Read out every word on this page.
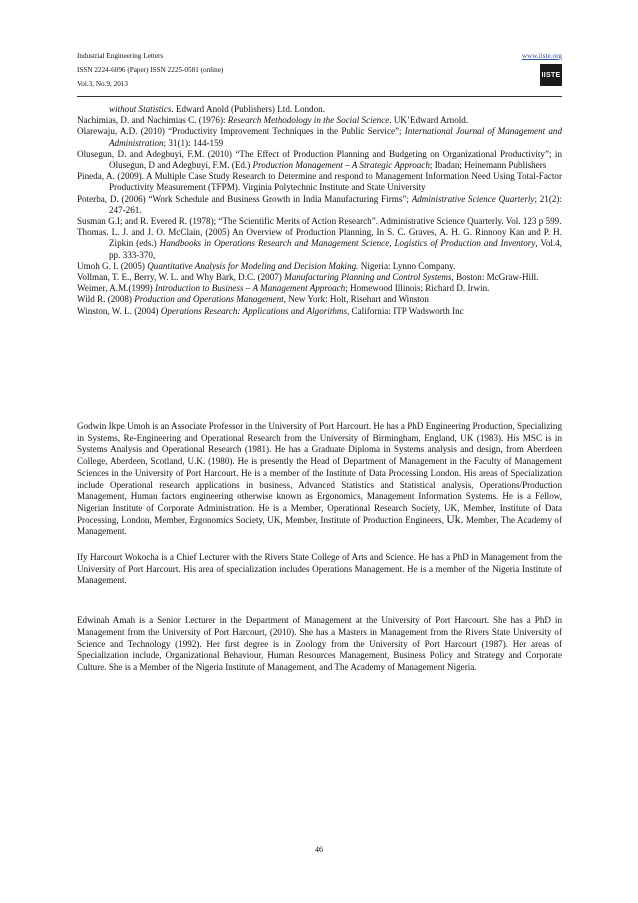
Industrial Engineering Letters
ISSN 2224-6096 (Paper) ISSN 2225-0581 (online)
Vol.3, No.9, 2013
www.iiste.org
IISTE

without Statistics. Edward Anold (Publishers) Ltd. London.

Nachimias, D. and Nachimias C. (1976): Research Methodology in the Social Science. UK’Edward Arnold.

Olarewaju, A.D. (2010) “Productivity Improvement Techniques in the Public Service”; International Journal of Management and Administration; 31(1): 144-159

Olusegun, D. and Adegbuyi, F.M. (2010) “The Effect of Production Planning and Budgeting on Organizational Productivity”; in Olusegun, D and Adegbuyi, F.M. (Ed.) Production Management – A Strategic Approach; Ibadan; Heinemann Publishers

Pineda, A. (2009). A Multiple Case Study Research to Determine and respond to Management Information Need Using Total-Factor Productivity Measurement (TFPM). Virginia Polytechnic Institute and State University

Poterba, D. (2006) “Work Schedule and Business Growth in India Manufacturing Firms”; Administrative Science Quarterly; 21(2): 247-261.

Susman G.I; and R. Evered R. (1978); “The Scientific Merits of Action Research”. Administrative Science Quarterly. Vol. 123 p 599.

Thomas. L. J. and J. O. McClain, (2005) An Overview of Production Planning, In S. C. Graves, A. H. G. Rinnooy Kan and P. H. Zipkin (eds.) Handbooks in Operations Research and Management Science, Logistics of Production and Inventory, Vol.4, pp. 333-370,

Umoh G. I. (2005) Quantitative Analysis for Modeling and Decision Making. Nigeria: Lynno Company.

Vollman, T. E., Berry, W. L. and Why Bark, D.C. (2007) Manufacturing Planning and Control Systems, Boston: McGraw-Hill.

Weimer, A.M.(1999) Introduction to Business – A Management Approach; Homewood Illinois; Richard D. Irwin.

Wild R. (2008) Production and Operations Management, New York: Holt, Risehart and Winston

Winston, W. L. (2004) Operations Research: Applications and Algorithms, California: ITP Wadsworth Inc

Godwin Ikpe Umoh is an Associate Professor in the University of Port Harcourt. He has a PhD Engineering Production, Specializing in Systems, Re-Engineering and Operational Research from the University of Birmingham, England, UK (1983). His MSC is in Systems Analysis and Operational Research (1981). He has a Graduate Diploma in Systems analysis and design, from Aberdeen College, Aberdeen, Scotland, U.K. (1980). He is presently the Head of Department of Management in the Faculty of Management Sciences in the University of Port Harcourt. He is a member of the Institute of Data Processing London. His areas of Specialization include Operational research applications in business, Advanced Statistics and Statistical analysis, Operations/Production Management, Human factors engineering otherwise known as Ergonomics, Management Information Systems. He is a Fellow, Nigerian Institute of Corporate Administration. He is a Member, Operational Research Society, UK, Member, Institute of Data Processing, London, Member, Ergonomics Society, UK, Member, Institute of Production Engineers, Uk. Member, The Academy of Management.

Ify Harcourt Wokocha is a Chief Lecturer with the Rivers State College of Arts and Science. He has a PhD in Management from the University of Port Harcourt. His area of specialization includes Operations Management. He is a member of the Nigeria Institute of Management.

Edwinah Amah is a Senior Lecturer in the Department of Management at the University of Port Harcourt. She has a PhD in Management from the University of Port Harcourt, (2010). She has a Masters in Management from the Rivers State University of Science and Technology (1992). Her first degree is in Zoology from the University of Port Harcourt (1987). Her areas of Specialization include, Organizational Behaviour, Human Resources Management, Business Policy and Strategy and Corporate Culture. She is a Member of the Nigeria Institute of Management, and The Academy of Management Nigeria.

46
